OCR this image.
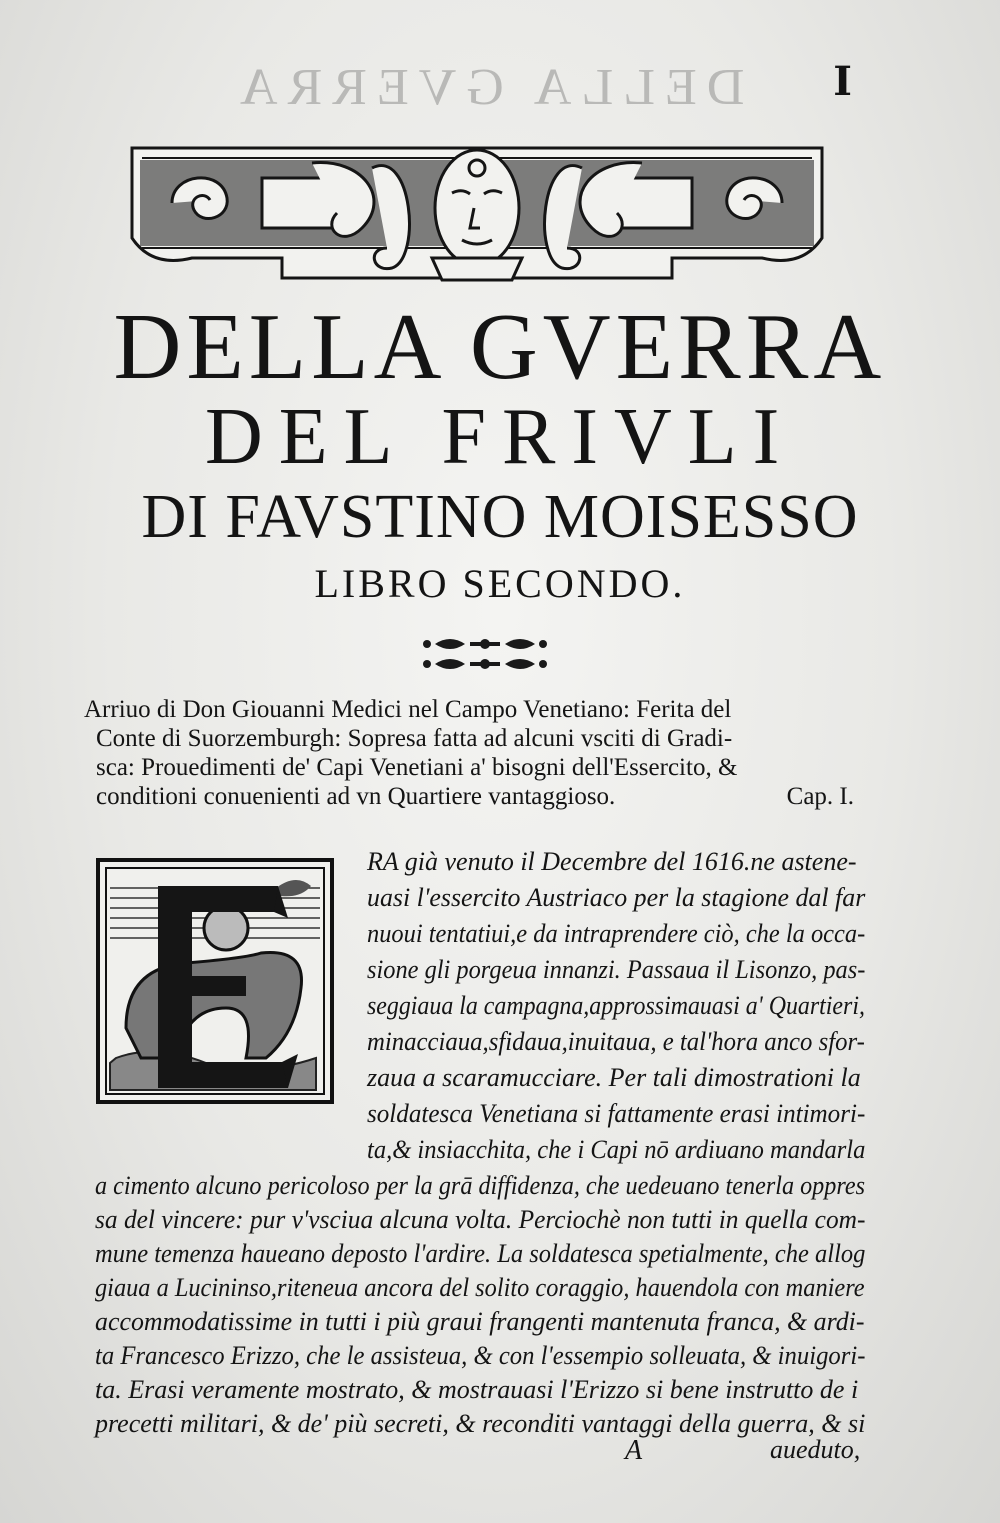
DELLA GVERRA I
DELLA GVERRA
DEL FRIVLI
DI FAVSTINO MOISESSO
LIBRO SECONDO.
Arriuo di Don Giouanni Medici nel Campo Venetiano: Ferita del
Conte di Suorzemburgh: Sopresa fatta ad alcuni vsciti di Gradi-
sca: Prouedimenti de' Capi Venetiani a' bisogni dell'Essercito, &
conditioni conuenienti ad vn Quartiere vantaggioso.	Cap. I.
RA già venuto il Decembre del 1616.ne astene-
uasi l'essercito Austriaco per la stagione dal far
nuoui tentatiui,e da intraprendere ciò, che la occa-
sione gli porgeua innanzi. Passaua il Lisonzo, pas-
seggiaua la campagna,approssimauasi a' Quartieri,
minacciaua,sfidaua,inuitaua, e tal'hora anco sfor-
zaua a scaramucciare. Per tali dimostrationi la
soldatesca Venetiana si fattamente erasi intimori-
ta,& insiacchita, che i Capi nō ardiuano mandarla
a cimento alcuno pericoloso per la grā diffidenza, che uedeuano tenerla oppres
sa del vincere: pur v'vsciua alcuna volta. Perciochè non tutti in quella com-
mune temenza haueano deposto l'ardire. La soldatesca spetialmente, che allog
giaua a Lucininso,riteneua ancora del solito coraggio, hauendola con maniere
accommodatissime in tutti i più graui frangenti mantenuta franca, & ardi-
ta Francesco Erizzo, che le assisteua, & con l'essempio solleuata, & inuigori-
ta. Erasi veramente mostrato, & mostrauasi l'Erizzo si bene instrutto de i
precetti militari, & de' più secreti, & reconditi vantaggi della guerra, & si
A	aueduto,
